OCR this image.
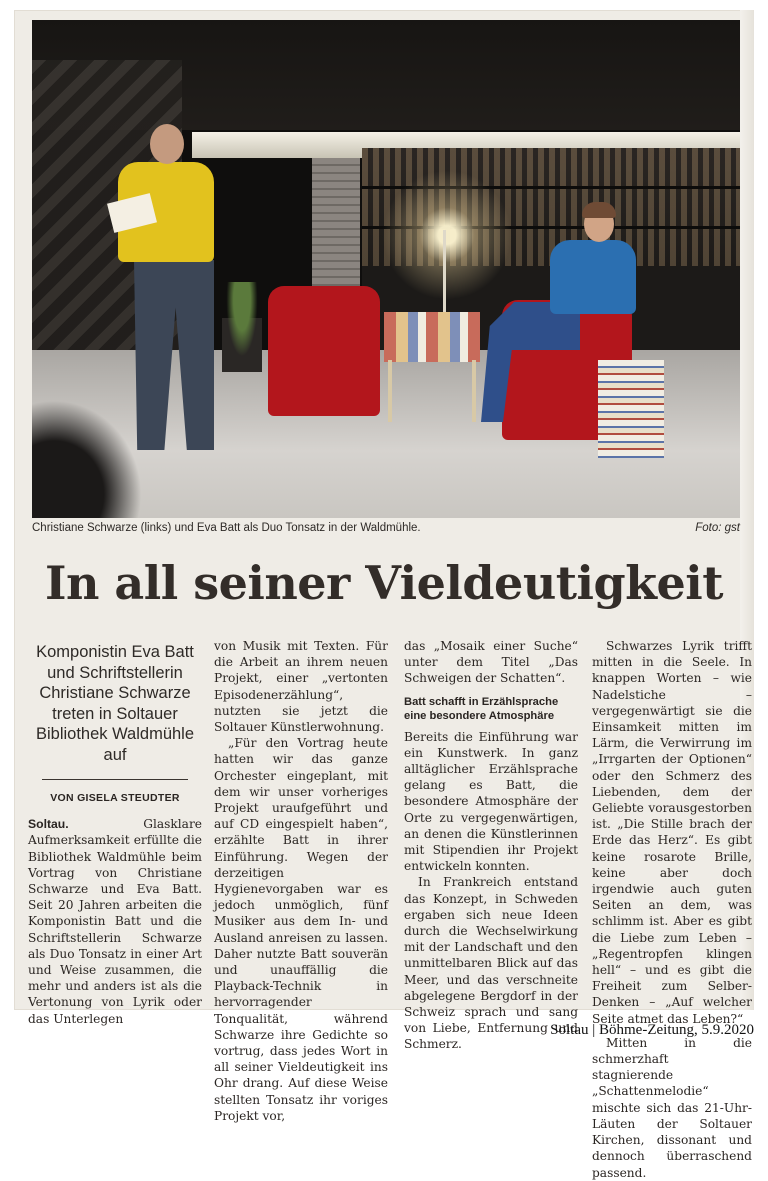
Christiane Schwarze (links) und Eva Batt als Duo Tonsatz in der Waldmühle.	Foto: gst
In all seiner Vieldeutigkeit
Komponistin Eva Batt und Schriftstellerin Christiane Schwarze treten in Soltauer Bibliothek Waldmühle auf
VON GISELA STEUDTER

Soltau.	Glasklare Aufmerksamkeit erfüllte die Bibliothek Waldmühle beim Vortrag von Christiane Schwarze und Eva Batt. Seit 20 Jahren arbeiten die Komponistin Batt und die Schriftstellerin Schwarze als Duo Tonsatz in einer Art und Weise zusammen, die mehr und anders ist als die Vertonung von Lyrik oder das Unterlegen

von Musik mit Texten. Für die Arbeit an ihrem neuen Projekt, einer „vertonten Episodenerzählung“, nutzten sie jetzt die Soltauer Künstlerwohnung.

„Für den Vortrag heute hatten wir das ganze Orchester eingeplant, mit dem wir unser vorheriges Projekt uraufgeführt und auf CD eingespielt haben“, erzählte Batt in ihrer Einführung. Wegen der derzeitigen Hygienevorgaben war es jedoch unmöglich, fünf Musiker aus dem In- und Ausland anreisen zu lassen. Daher nutzte Batt souverän und unauffällig die Playback-Technik in hervorragender Tonqualität, während Schwarze ihre Gedichte so vortrug, dass jedes Wort in all seiner Vieldeutigkeit ins Ohr drang. Auf diese Weise stellten Tonsatz ihr voriges Projekt vor,

das „Mosaik einer Suche“ unter dem Titel „Das Schweigen der Schatten“.

Batt schafft in Erzählsprache eine besondere Atmosphäre

Bereits die Einführung war ein Kunstwerk. In ganz alltäglicher Erzählsprache gelang es Batt, die besondere Atmosphäre der Orte zu vergegenwärtigen, an denen die Künstlerinnen mit Stipendien ihr Projekt entwickeln konnten.

In Frankreich entstand das Konzept, in Schweden ergaben sich neue Ideen durch die Wechselwirkung mit der Landschaft und den unmittelbaren Blick auf das Meer, und das verschneite abgelegene Bergdorf in der Schweiz sprach und sang von Liebe, Entfernung und Schmerz.

Schwarzes Lyrik trifft mitten in die Seele. In knappen Worten – wie Nadelstiche – vergegenwärtigt sie die Einsamkeit mitten im Lärm, die Verwirrung im „Irrgarten der Optionen“ oder den Schmerz des Liebenden, dem der Geliebte vorausgestorben ist. „Die Stille brach der Erde das Herz“. Es gibt keine rosarote Brille, keine aber doch irgendwie auch guten Seiten an dem, was schlimm ist. Aber es gibt die Liebe zum Leben – „Regentropfen klingen hell“ – und es gibt die Freiheit zum Selber-Denken – „Auf welcher Seite atmet das Leben?“

Mitten in die schmerzhaft stagnierende „Schattenmelodie“ mischte sich das 21-Uhr-Läuten der Soltauer Kirchen, dissonant und dennoch überraschend passend.

Soltau | Böhme-Zeitung, 5.9.2020
